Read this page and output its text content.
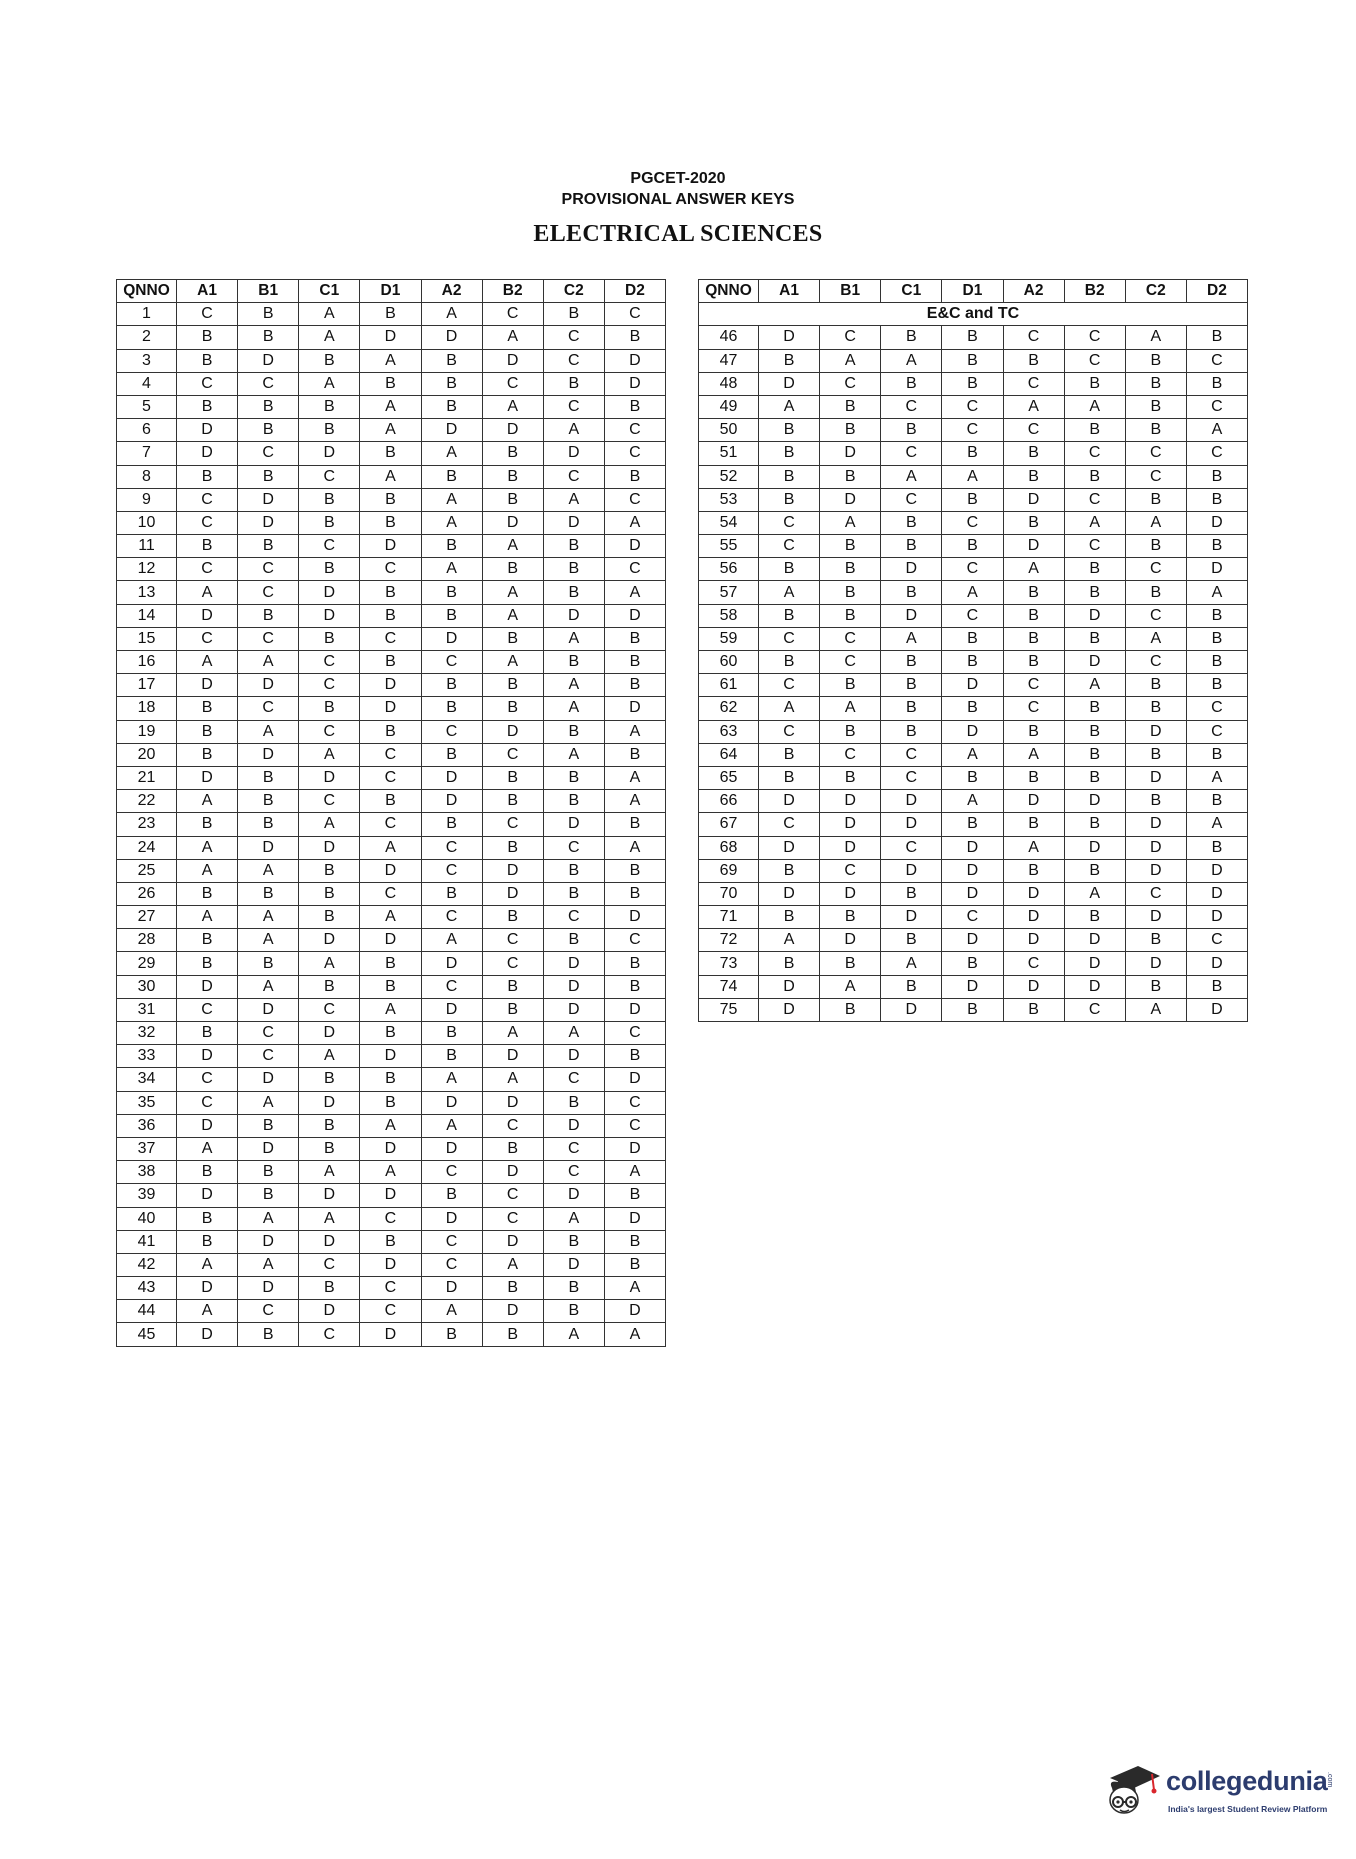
PGCET-2020
PROVISIONAL ANSWER KEYS
ELECTRICAL SCIENCES
QNNO	A1	B1	C1	D1	A2	B2	C2	D2
1	C	B	A	B	A	C	B	C
2	B	B	A	D	D	A	C	B
3	B	D	B	A	B	D	C	D
4	C	C	A	B	B	C	B	D
5	B	B	B	A	B	A	C	B
6	D	B	B	A	D	D	A	C
7	D	C	D	B	A	B	D	C
8	B	B	C	A	B	B	C	B
9	C	D	B	B	A	B	A	C
10	C	D	B	B	A	D	D	A
11	B	B	C	D	B	A	B	D
12	C	C	B	C	A	B	B	C
13	A	C	D	B	B	A	B	A
14	D	B	D	B	B	A	D	D
15	C	C	B	C	D	B	A	B
16	A	A	C	B	C	A	B	B
17	D	D	C	D	B	B	A	B
18	B	C	B	D	B	B	A	D
19	B	A	C	B	C	D	B	A
20	B	D	A	C	B	C	A	B
21	D	B	D	C	D	B	B	A
22	A	B	C	B	D	B	B	A
23	B	B	A	C	B	C	D	B
24	A	D	D	A	C	B	C	A
25	A	A	B	D	C	D	B	B
26	B	B	B	C	B	D	B	B
27	A	A	B	A	C	B	C	D
28	B	A	D	D	A	C	B	C
29	B	B	A	B	D	C	D	B
30	D	A	B	B	C	B	D	B
31	C	D	C	A	D	B	D	D
32	B	C	D	B	B	A	A	C
33	D	C	A	D	B	D	D	B
34	C	D	B	B	A	A	C	D
35	C	A	D	B	D	D	B	C
36	D	B	B	A	A	C	D	C
37	A	D	B	D	D	B	C	D
38	B	B	A	A	C	D	C	A
39	D	B	D	D	B	C	D	B
40	B	A	A	C	D	C	A	D
41	B	D	D	B	C	D	B	B
42	A	A	C	D	C	A	D	B
43	D	D	B	C	D	B	B	A
44	A	C	D	C	A	D	B	D
45	D	B	C	D	B	B	A	A
QNNO	A1	B1	C1	D1	A2	B2	C2	D2
E&C and TC								
46	D	C	B	B	C	C	A	B
47	B	A	A	B	B	C	B	C
48	D	C	B	B	C	B	B	B
49	A	B	C	C	A	A	B	C
50	B	B	B	C	C	B	B	A
51	B	D	C	B	B	C	C	C
52	B	B	A	A	B	B	C	B
53	B	D	C	B	D	C	B	B
54	C	A	B	C	B	A	A	D
55	C	B	B	B	D	C	B	B
56	B	B	D	C	A	B	C	D
57	A	B	B	A	B	B	B	A
58	B	B	D	C	B	D	C	B
59	C	C	A	B	B	B	A	B
60	B	C	B	B	B	D	C	B
61	C	B	B	D	C	A	B	B
62	A	A	B	B	C	B	B	C
63	C	B	B	D	B	B	D	C
64	B	C	C	A	A	B	B	B
65	B	B	C	B	B	B	D	A
66	D	D	D	A	D	D	B	B
67	C	D	D	B	B	B	D	A
68	D	D	C	D	A	D	D	B
69	B	C	D	D	B	B	D	D
70	D	D	B	D	D	A	C	D
71	B	B	D	C	D	B	D	D
72	A	D	B	D	D	D	B	C
73	B	B	A	B	C	D	D	D
74	D	A	B	D	D	D	B	B
75	D	B	D	B	B	C	A	D
collegedunia
.com
India's largest Student Review Platform
